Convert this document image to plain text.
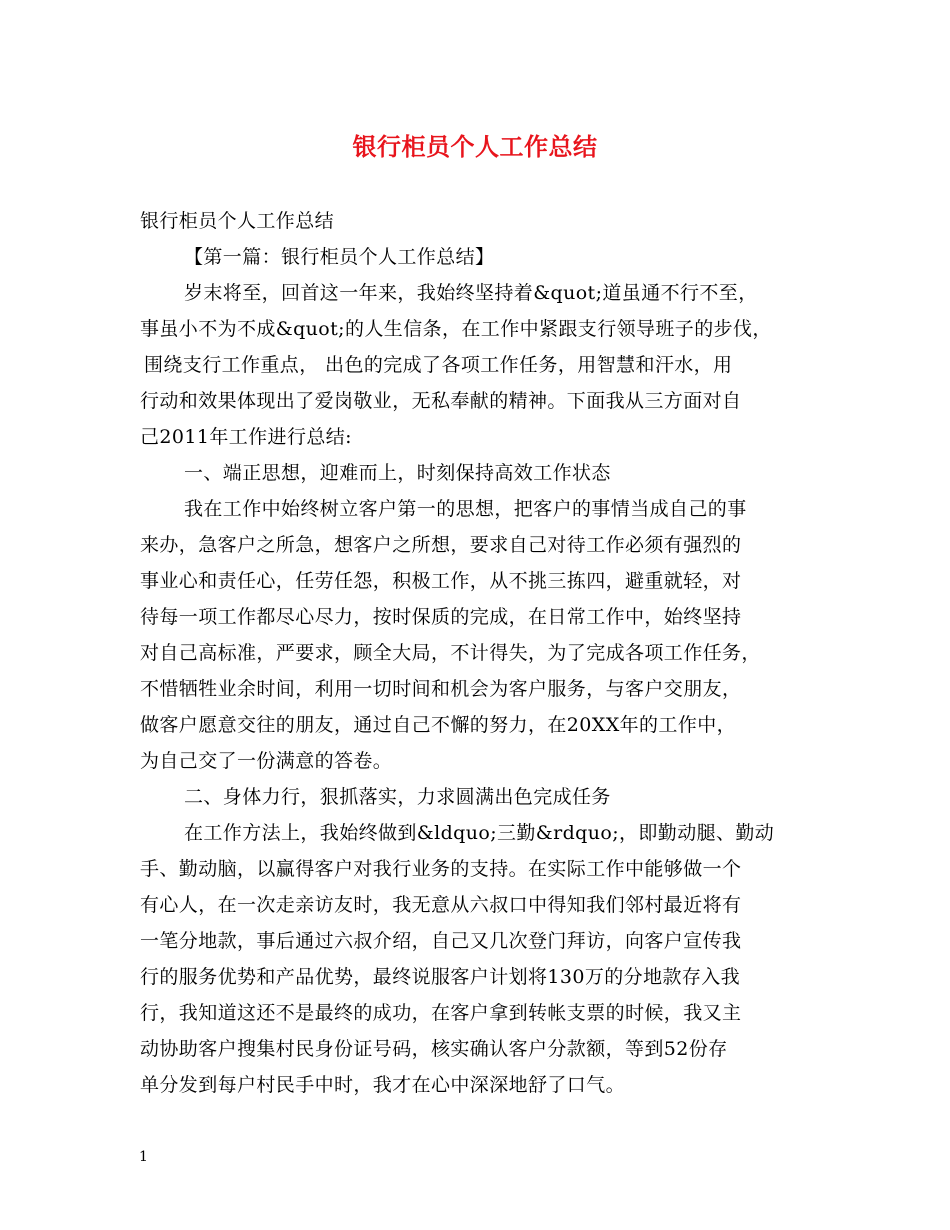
银行柜员个人工作总结
银行柜员个人工作总结
【第一篇：银行柜员个人工作总结】
岁末将至，回首这一年来，我始终坚持着&quot;道虽通不行不至，
事虽小不为不成&quot;的人生信条，在工作中紧跟支行领导班子的步伐，
围绕支行工作重点， 出色的完成了各项工作任务，用智慧和汗水，用
行动和效果体现出了爱岗敬业，无私奉献的精神。下面我从三方面对自
己2011年工作进行总结:
一、端正思想，迎难而上，时刻保持高效工作状态
我在工作中始终树立客户第一的思想，把客户的事情当成自己的事
来办，急客户之所急，想客户之所想，要求自己对待工作必须有强烈的
事业心和责任心，任劳任怨，积极工作，从不挑三拣四，避重就轻，对
待每一项工作都尽心尽力，按时保质的完成，在日常工作中，始终坚持
对自己高标准，严要求，顾全大局，不计得失，为了完成各项工作任务，
不惜牺牲业余时间，利用一切时间和机会为客户服务，与客户交朋友，
做客户愿意交往的朋友，通过自己不懈的努力，在20XX年的工作中，
为自己交了一份满意的答卷。
二、身体力行，狠抓落实，力求圆满出色完成任务
在工作方法上，我始终做到&ldquo;三勤&rdquo;，即勤动腿、勤动
手、勤动脑，以赢得客户对我行业务的支持。在实际工作中能够做一个
有心人，在一次走亲访友时，我无意从六叔口中得知我们邻村最近将有
一笔分地款，事后通过六叔介绍，自己又几次登门拜访，向客户宣传我
行的服务优势和产品优势，最终说服客户计划将130万的分地款存入我
行，我知道这还不是最终的成功，在客户拿到转帐支票的时候，我又主
动协助客户搜集村民身份证号码，核实确认客户分款额，等到52份存
单分发到每户村民手中时，我才在心中深深地舒了口气。
1
